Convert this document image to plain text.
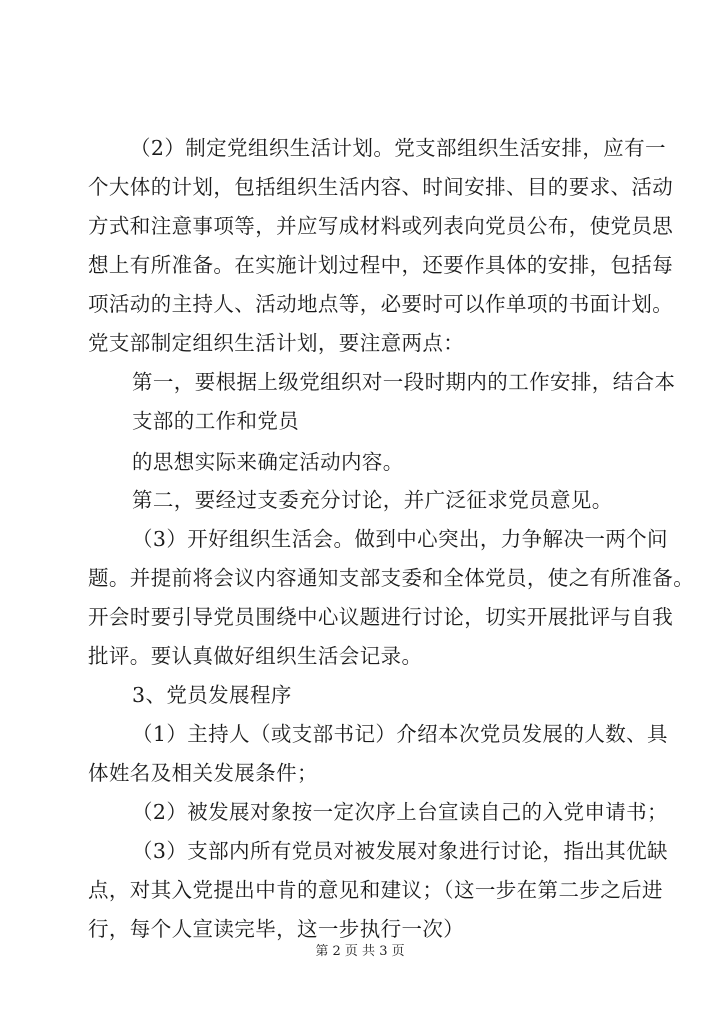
（2）制定党组织生活计划。党支部组织生活安排，应有一
个大体的计划，包括组织生活内容、时间安排、目的要求、活动
方式和注意事项等，并应写成材料或列表向党员公布，使党员思
想上有所准备。在实施计划过程中，还要作具体的安排，包括每
项活动的主持人、活动地点等，必要时可以作单项的书面计划。
党支部制定组织生活计划，要注意两点：
第一，要根据上级党组织对一段时期内的工作安排，结合本
支部的工作和党员
的思想实际来确定活动内容。
第二，要经过支委充分讨论，并广泛征求党员意见。
（3）开好组织生活会。做到中心突出，力争解决一两个问
题。并提前将会议内容通知支部支委和全体党员，使之有所准备。
开会时要引导党员围绕中心议题进行讨论，切实开展批评与自我
批评。要认真做好组织生活会记录。
3、党员发展程序
（1）主持人（或支部书记）介绍本次党员发展的人数、具
体姓名及相关发展条件；
（2）被发展对象按一定次序上台宣读自己的入党申请书；
（3）支部内所有党员对被发展对象进行讨论，指出其优缺
点，对其入党提出中肯的意见和建议；（这一步在第二步之后进
行，每个人宣读完毕，这一步执行一次）
第 2 页 共 3 页
